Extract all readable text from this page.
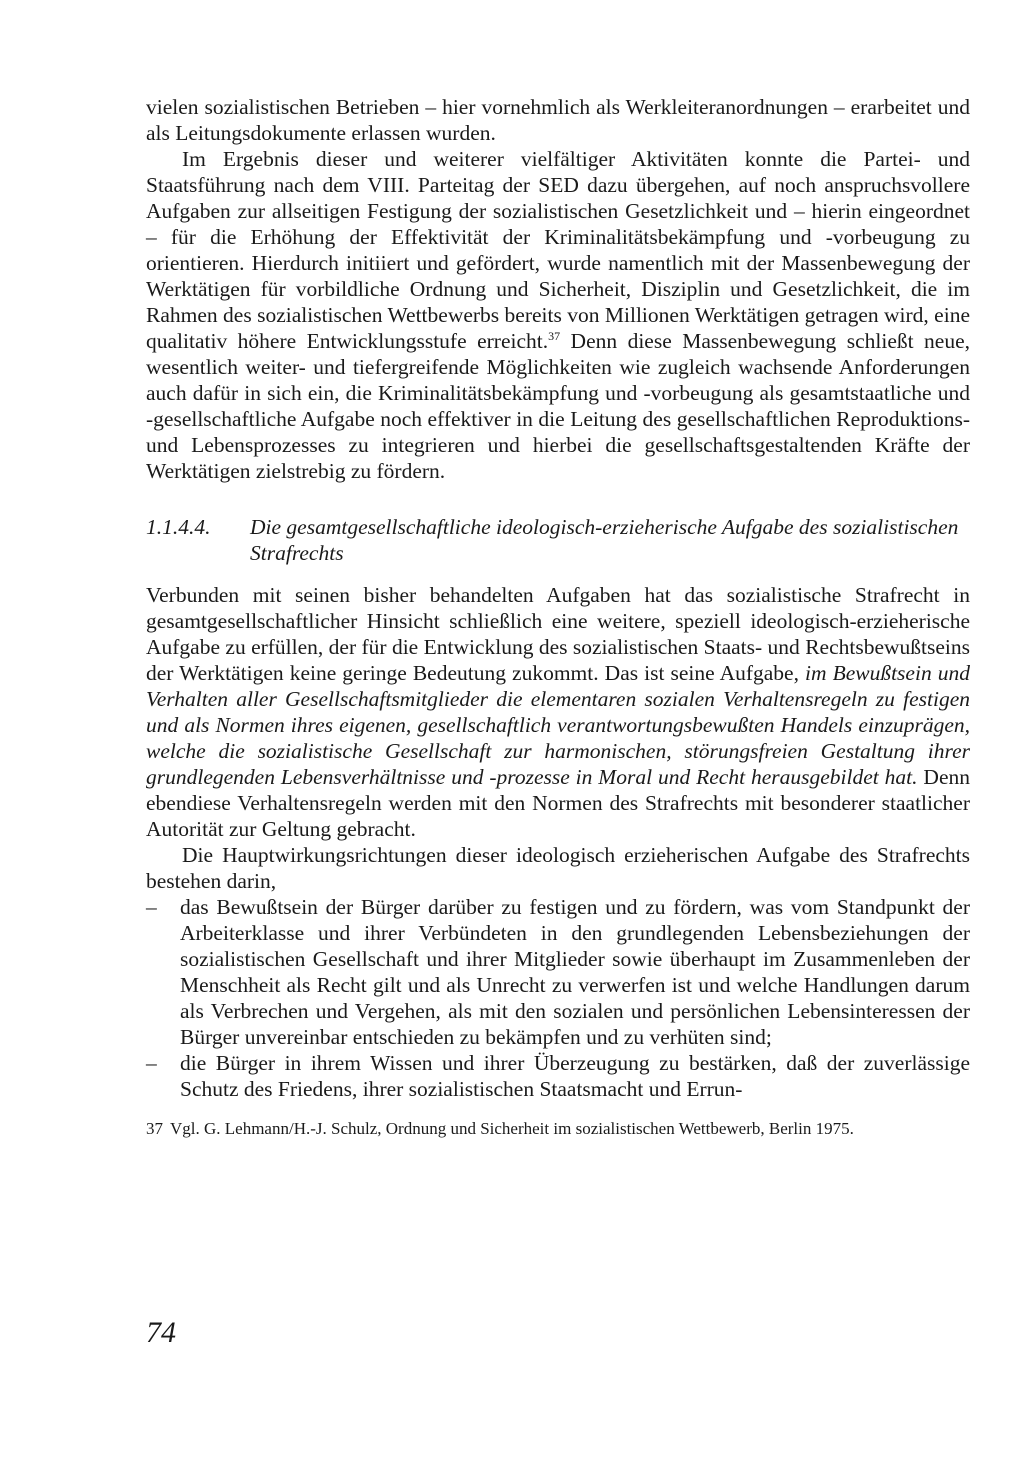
vielen sozialistischen Betrieben – hier vornehmlich als Werkleiteranordnungen – erarbeitet und als Leitungsdokumente erlassen wurden.

Im Ergebnis dieser und weiterer vielfältiger Aktivitäten konnte die Partei- und Staatsführung nach dem VIII. Parteitag der SED dazu übergehen, auf noch anspruchsvollere Aufgaben zur allseitigen Festigung der sozialistischen Gesetzlichkeit und – hierin eingeordnet – für die Erhöhung der Effektivität der Kriminalitätsbekämpfung und -vorbeugung zu orientieren. Hierdurch initiiert und gefördert, wurde namentlich mit der Massenbewegung der Werktätigen für vorbildliche Ordnung und Sicherheit, Disziplin und Gesetzlichkeit, die im Rahmen des sozialistischen Wettbewerbs bereits von Millionen Werktätigen getragen wird, eine qualitativ höhere Entwicklungsstufe erreicht.$^{37}$ Denn diese Massenbewegung schließt neue, wesentlich weiter- und tiefergreifende Möglichkeiten wie zugleich wachsende Anforderungen auch dafür in sich ein, die Kriminalitätsbekämpfung und -vorbeugung als gesamtstaatliche und -gesellschaftliche Aufgabe noch effektiver in die Leitung des gesellschaftlichen Reproduktions- und Lebensprozesses zu integrieren und hierbei die gesellschaftsgestaltenden Kräfte der Werktätigen zielstrebig zu fördern.

1.1.4.4.	Die gesamtgesellschaftliche ideologisch-erzieherische Aufgabe des sozialistischen Strafrechts

Verbunden mit seinen bisher behandelten Aufgaben hat das sozialistische Strafrecht in gesamtgesellschaftlicher Hinsicht schließlich eine weitere, speziell ideologisch-erzieherische Aufgabe zu erfüllen, der für die Entwicklung des sozialistischen Staats- und Rechtsbewußtseins der Werktätigen keine geringe Bedeutung zukommt. Das ist seine Aufgabe, im Bewußtsein und Verhalten aller Gesellschaftsmitglieder die elementaren sozialen Verhaltensregeln zu festigen und als Normen ihres eigenen, gesellschaftlich verantwortungsbewußten Handels einzuprägen, welche die sozialistische Gesellschaft zur harmonischen, störungsfreien Gestaltung ihrer grundlegenden Lebensverhältnisse und -prozesse in Moral und Recht herausgebildet hat. Denn ebendiese Verhaltensregeln werden mit den Normen des Strafrechts mit besonderer staatlicher Autorität zur Geltung gebracht.

Die Hauptwirkungsrichtungen dieser ideologisch erzieherischen Aufgabe des Strafrechts bestehen darin,

–	das Bewußtsein der Bürger darüber zu festigen und zu fördern, was vom Standpunkt der Arbeiterklasse und ihrer Verbündeten in den grundlegenden Lebensbeziehungen der sozialistischen Gesellschaft und ihrer Mitglieder sowie überhaupt im Zusammenleben der Menschheit als Recht gilt und als Unrecht zu verwerfen ist und welche Handlungen darum als Verbrechen und Vergehen, als mit den sozialen und persönlichen Lebensinteressen der Bürger unvereinbar entschieden zu bekämpfen und zu verhüten sind;
–	die Bürger in ihrem Wissen und ihrer Überzeugung zu bestärken, daß der zuverlässige Schutz des Friedens, ihrer sozialistischen Staatsmacht und Errun-
37 Vgl. G. Lehmann/H.-J. Schulz, Ordnung und Sicherheit im sozialistischen Wettbewerb, Berlin 1975.
74
